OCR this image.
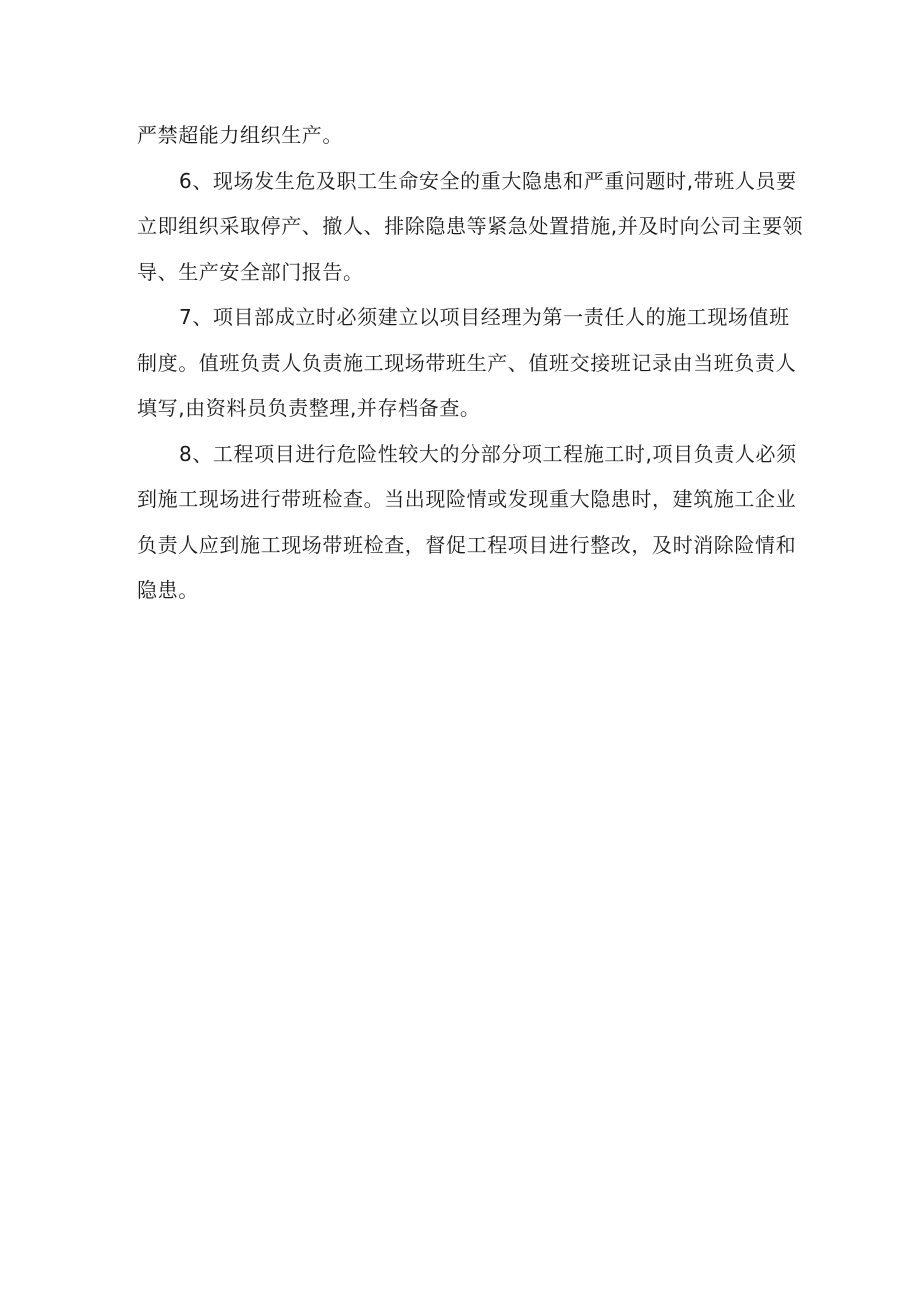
严禁超能力组织生产。
6、现场发生危及职工生命安全的重大隐患和严重问题时,带班人员要
立即组织采取停产、撤人、排除隐患等紧急处置措施,并及时向公司主要领
导、生产安全部门报告。
7、项目部成立时必须建立以项目经理为第一责任人的施工现场值班
制度。值班负责人负责施工现场带班生产、值班交接班记录由当班负责人
填写,由资料员负责整理,并存档备查。
8、工程项目进行危险性较大的分部分项工程施工时,项目负责人必须
到施工现场进行带班检查。当出现险情或发现重大隐患时，建筑施工企业
负责人应到施工现场带班检查，督促工程项目进行整改，及时消除险情和
隐患。
